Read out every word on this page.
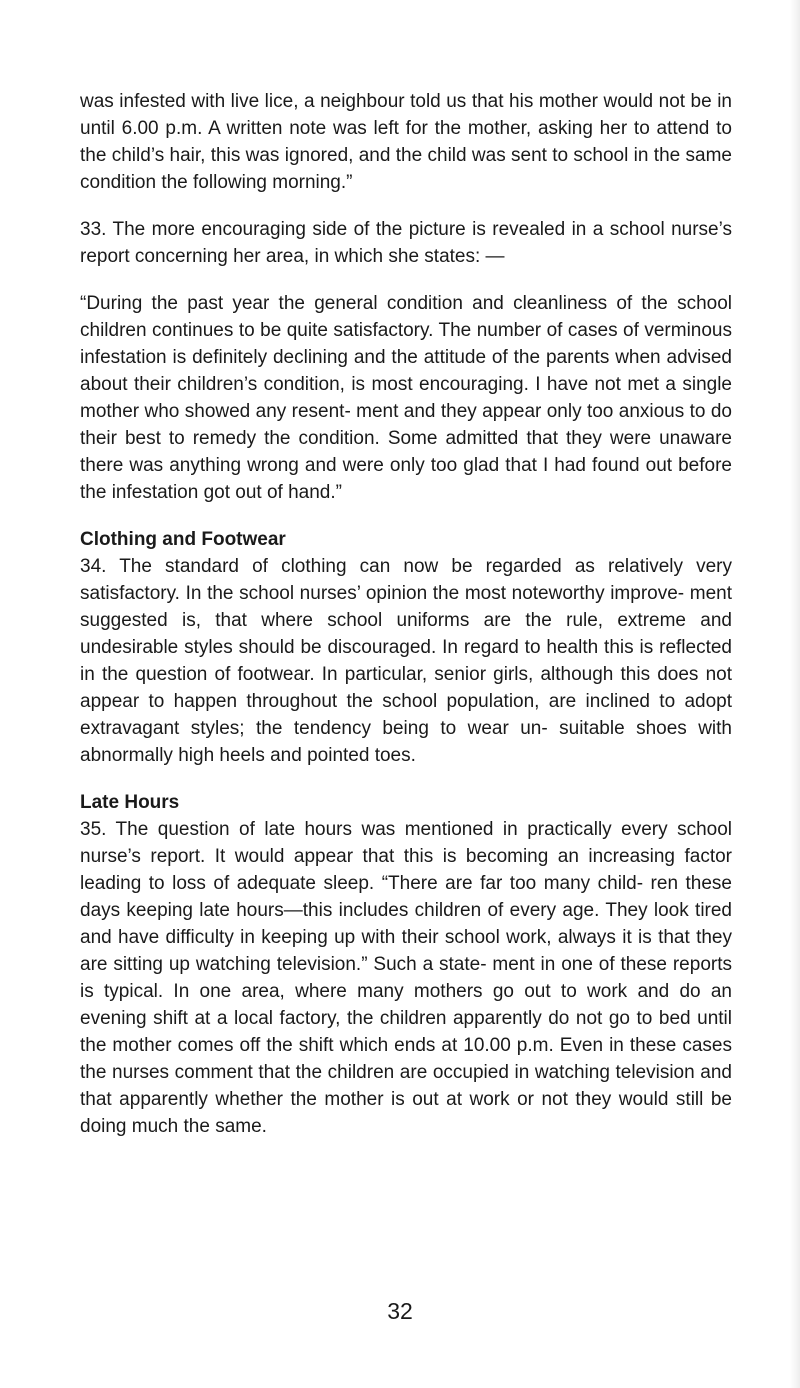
was infested with live lice, a neighbour told us that his mother would not be in until 6.00 p.m. A written note was left for the mother, asking her to attend to the child’s hair, this was ignored, and the child was sent to school in the same condition the following morning.”

33. The more encouraging side of the picture is revealed in a school nurse’s report concerning her area, in which she states: —

“During the past year the general condition and cleanliness of the school children continues to be quite satisfactory. The number of cases of verminous infestation is definitely declining and the attitude of the parents when advised about their children’s condition, is most encouraging. I have not met a single mother who showed any resent- ment and they appear only too anxious to do their best to remedy the condition. Some admitted that they were unaware there was anything wrong and were only too glad that I had found out before the infestation got out of hand.”

Clothing and Footwear

34. The standard of clothing can now be regarded as relatively very satisfactory. In the school nurses’ opinion the most noteworthy improve- ment suggested is, that where school uniforms are the rule, extreme and undesirable styles should be discouraged. In regard to health this is reflected in the question of footwear. In particular, senior girls, although this does not appear to happen throughout the school population, are inclined to adopt extravagant styles; the tendency being to wear un- suitable shoes with abnormally high heels and pointed toes.

Late Hours

35. The question of late hours was mentioned in practically every school nurse’s report. It would appear that this is becoming an increasing factor leading to loss of adequate sleep. “There are far too many child- ren these days keeping late hours—this includes children of every age. They look tired and have difficulty in keeping up with their school work, always it is that they are sitting up watching television.” Such a state- ment in one of these reports is typical. In one area, where many mothers go out to work and do an evening shift at a local factory, the children apparently do not go to bed until the mother comes off the shift which ends at 10.00 p.m. Even in these cases the nurses comment that the children are occupied in watching television and that apparently whether the mother is out at work or not they would still be doing much the same.

32
